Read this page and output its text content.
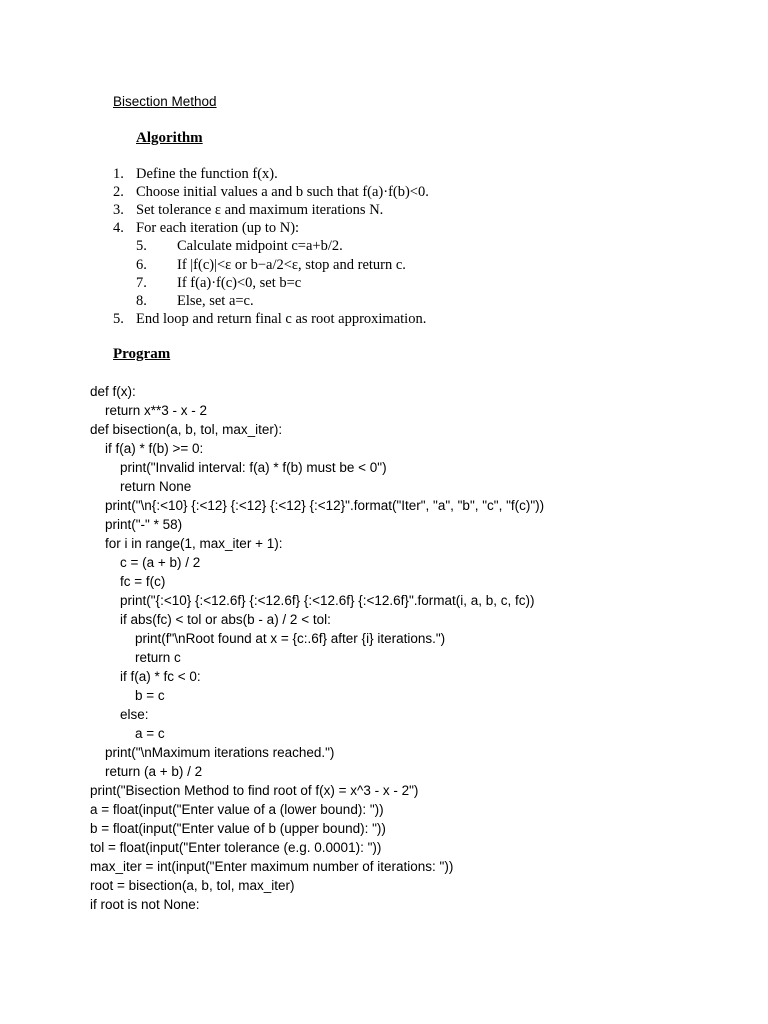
Bisection Method
Algorithm
1. Define the function f(x).
2. Choose initial values a and b such that f(a)·f(b)<0.
3. Set tolerance ε and maximum iterations N.
4. For each iteration (up to N):
5. Calculate midpoint c=a+b/2.
6. If |f(c)|<ε or b−a/2<ε, stop and return c.
7. If f(a)·f(c)<0, set b=c
8. Else, set a=c.
5. End loop and return final c as root approximation.
Program
def f(x):
return x**3 - x - 2
def bisection(a, b, tol, max_iter):
if f(a) * f(b) >= 0:
print("Invalid interval: f(a) * f(b) must be < 0")
return None
print("\n{:<10} {:<12} {:<12} {:<12} {:<12}".format("Iter", "a", "b", "c", "f(c)"))
print("-" * 58)
for i in range(1, max_iter + 1):
c = (a + b) / 2
fc = f(c)
print("{:<10} {:<12.6f} {:<12.6f} {:<12.6f} {:<12.6f}".format(i, a, b, c, fc))
if abs(fc) < tol or abs(b - a) / 2 < tol:
print(f"\nRoot found at x = {c:.6f} after {i} iterations.")
return c
if f(a) * fc < 0:
b = c
else:
a = c
print("\nMaximum iterations reached.")
return (a + b) / 2
print("Bisection Method to find root of f(x) = x^3 - x - 2")
a = float(input("Enter value of a (lower bound): "))
b = float(input("Enter value of b (upper bound): "))
tol = float(input("Enter tolerance (e.g. 0.0001): "))
max_iter = int(input("Enter maximum number of iterations: "))
root = bisection(a, b, tol, max_iter)
if root is not None:
